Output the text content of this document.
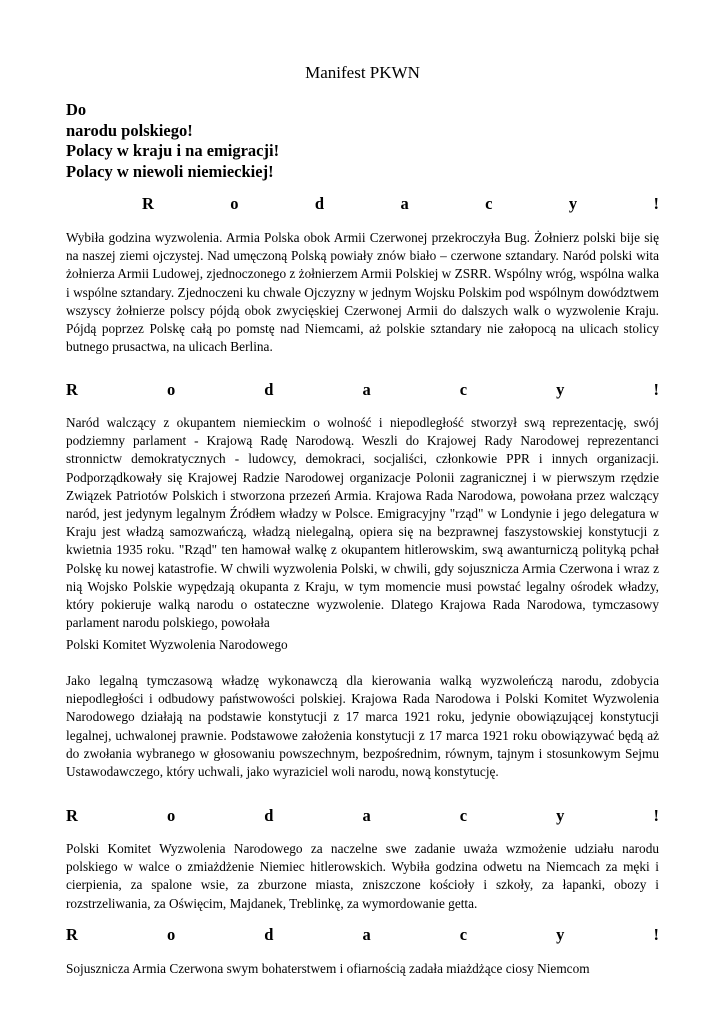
Manifest PKWN
Do
narodu polskiego!
Polacy w kraju i na emigracji!
Polacy w niewoli niemieckiej!
R	o	d	a	c	y	!
Wybiła godzina wyzwolenia. Armia Polska obok Armii Czerwonej przekroczyła Bug. Żołnierz polski bije się na naszej ziemi ojczystej. Nad umęczoną Polską powiały znów biało – czerwone sztandary. Naród polski wita żołnierza Armii Ludowej, zjednoczonego z żołnierzem Armii Polskiej w ZSRR. Wspólny wróg, wspólna walka i wspólne sztandary. Zjednoczeni ku chwale Ojczyzny w jednym Wojsku Polskim pod wspólnym dowództwem wszyscy żołnierze polscy pójdą obok zwycięskiej Czerwonej Armii do dalszych walk o wyzwolenie Kraju. Pójdą poprzez Polskę całą po pomstę nad Niemcami, aż polskie sztandary nie załopocą na ulicach stolicy butnego prusactwa, na ulicach Berlina.
R	o	d	a	c	y	!
Naród walczący z okupantem niemieckim o wolność i niepodległość stworzył swą reprezentację, swój podziemny parlament - Krajową Radę Narodową. Weszli do Krajowej Rady Narodowej reprezentanci stronnictw demokratycznych - ludowcy, demokraci, socjaliści, członkowie PPR i innych organizacji. Podporządkowały się Krajowej Radzie Narodowej organizacje Polonii zagranicznej i w pierwszym rzędzie Związek Patriotów Polskich i stworzona przezeń Armia. Krajowa Rada Narodowa, powołana przez walczący naród, jest jedynym legalnym Źródłem władzy w Polsce. Emigracyjny "rząd" w Londynie i jego delegatura w Kraju jest władzą samozwańczą, władzą nielegalną, opiera się na bezprawnej faszystowskiej konstytucji z kwietnia 1935 roku. "Rząd" ten hamował walkę z okupantem hitlerowskim, swą awanturniczą polityką pchał Polskę ku nowej katastrofie. W chwili wyzwolenia Polski, w chwili, gdy sojusznicza Armia Czerwona i wraz z nią Wojsko Polskie wypędzają okupanta z Kraju, w tym momencie musi powstać legalny ośrodek władzy, który pokieruje walką narodu o ostateczne wyzwolenie. Dlatego Krajowa Rada Narodowa, tymczasowy parlament narodu polskiego, powołała
Polski Komitet Wyzwolenia Narodowego
Jako legalną tymczasową władzę wykonawczą dla kierowania walką wyzwoleńczą narodu, zdobycia niepodległości i odbudowy państwowości polskiej. Krajowa Rada Narodowa i Polski Komitet Wyzwolenia Narodowego działają na podstawie konstytucji z 17 marca 1921 roku, jedynie obowiązującej konstytucji legalnej, uchwalonej prawnie. Podstawowe założenia konstytucji z 17 marca 1921 roku obowiązywać będą aż do zwołania wybranego w głosowaniu powszechnym, bezpośrednim, równym, tajnym i stosunkowym Sejmu Ustawodawczego, który uchwali, jako wyraziciel woli narodu, nową konstytucję.
R	o	d	a	c	y	!
Polski Komitet Wyzwolenia Narodowego za naczelne swe zadanie uważa wzmożenie udziału narodu polskiego w walce o zmiażdżenie Niemiec hitlerowskich. Wybiła godzina odwetu na Niemcach za męki i cierpienia, za spalone wsie, za zburzone miasta, zniszczone kościoły i szkoły, za łapanki, obozy i rozstrzeliwania, za Oświęcim, Majdanek, Treblinkę, za wymordowanie getta.
R	o	d	a	c	y	!
Sojusznicza Armia Czerwona swym bohaterstwem i ofiarnością zadała miażdżące ciosy Niemcom
